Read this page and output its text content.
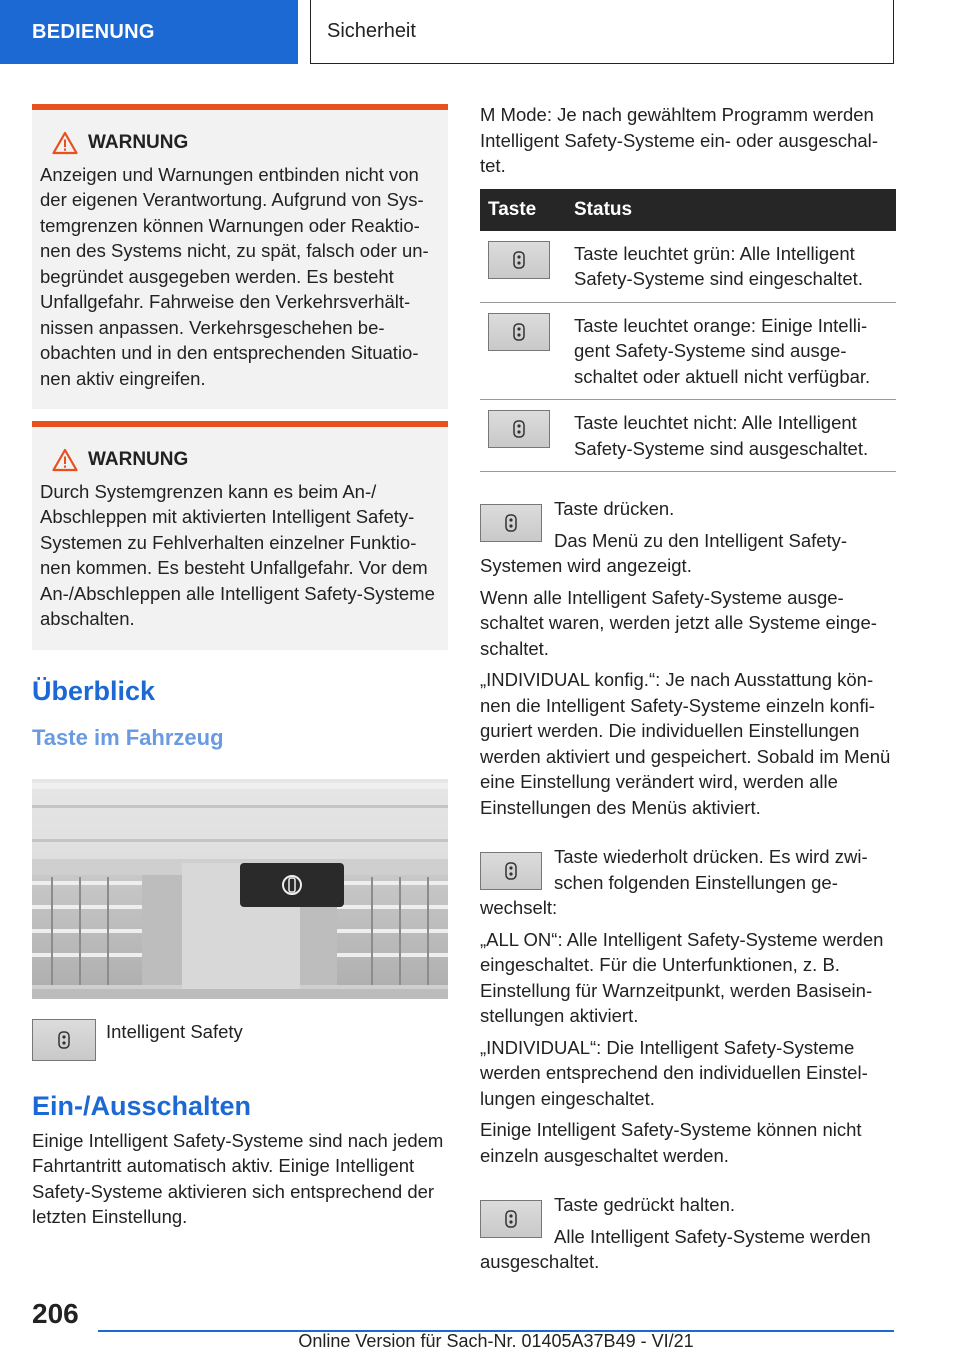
BEDIENUNG	Sicherheit
WARNUNG

Anzeigen und Warnungen entbinden nicht von der eigenen Verantwortung. Aufgrund von Systemgrenzen können Warnungen oder Reaktionen des Systems nicht, zu spät, falsch oder unbegründet ausgegeben werden. Es besteht Unfallgefahr. Fahrweise den Verkehrsverhältnissen anpassen. Verkehrsgeschehen beobachten und in den entsprechenden Situationen aktiv eingreifen.

WARNUNG

Durch Systemgrenzen kann es beim An-/ Abschleppen mit aktivierten Intelligent Safety-Systemen zu Fehlverhalten einzelner Funktionen kommen. Es besteht Unfallgefahr. Vor dem An-/Abschleppen alle Intelligent Safety-Systeme abschalten.

Überblick
Taste im Fahrzeug
Intelligent Safety
Ein-/Ausschalten

Einige Intelligent Safety-Systeme sind nach jedem Fahrtantritt automatisch aktiv. Einige Intelligent Safety-Systeme aktivieren sich entsprechend der letzten Einstellung.

M Mode: Je nach gewähltem Programm werden Intelligent Safety-Systeme ein- oder ausgeschaltet.

Taste	Status

	Taste leuchtet grün: Alle Intelligent Safety-Systeme sind eingeschaltet.

	Taste leuchtet orange: Einige Intelligent Safety-Systeme sind ausgeschaltet oder aktuell nicht verfügbar.

	Taste leuchtet nicht: Alle Intelligent Safety-Systeme sind ausgeschaltet.

Taste drücken.

Das Menü zu den Intelligent Safety-Systemen wird angezeigt.

Wenn alle Intelligent Safety-Systeme ausgeschaltet waren, werden jetzt alle Systeme eingeschaltet.

„INDIVIDUAL konfig.“: Je nach Ausstattung können die Intelligent Safety-Systeme einzeln konfiguriert werden. Die individuellen Einstellungen werden aktiviert und gespeichert. Sobald im Menü eine Einstellung verändert wird, werden alle Einstellungen des Menüs aktiviert.

Taste wiederholt drücken. Es wird zwischen folgenden Einstellungen gewechselt:

„ALL ON“: Alle Intelligent Safety-Systeme werden eingeschaltet. Für die Unterfunktionen, z. B. Einstellung für Warnzeitpunkt, werden Basiseinstellungen aktiviert.

„INDIVIDUAL“: Die Intelligent Safety-Systeme werden entsprechend den individuellen Einstellungen eingeschaltet.

Einige Intelligent Safety-Systeme können nicht einzeln ausgeschaltet werden.

Taste gedrückt halten.

Alle Intelligent Safety-Systeme werden ausgeschaltet.

206
Online Version für Sach-Nr. 01405A37B49 - VI/21
